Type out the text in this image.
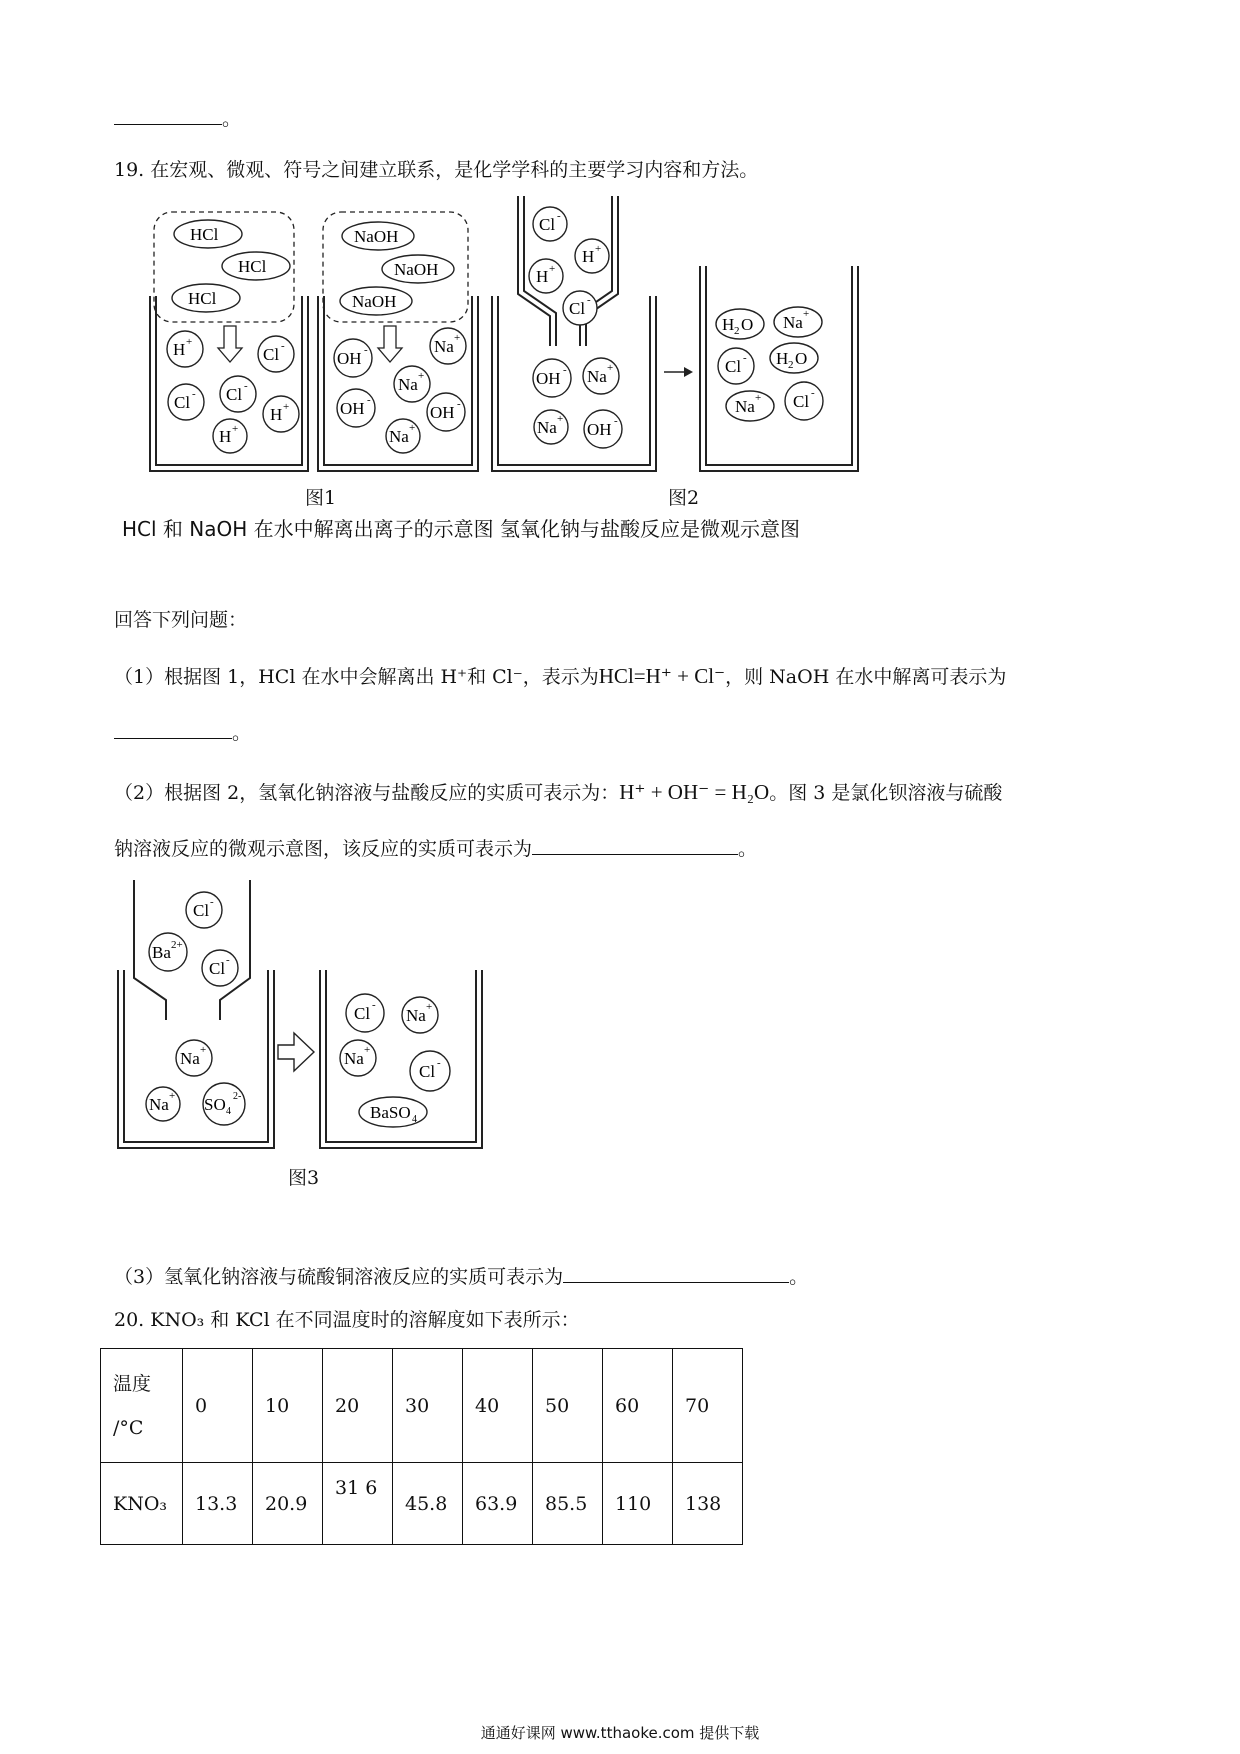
。
19. 在宏观、微观、符号之间建立联系，是化学学科的主要学习内容和方法。
HCl
HCl
HCl
H +
Cl -
Cl - Cl -
H +
H +
NaOH
NaOH
NaOH
OH -	Na +
Na +
OH -
OH -
Na +
Cl -
H +
H +
Cl -
OH - Na +
Na +
OH -
H 2 O Na +
Cl - H 2 O
Na + Cl -
图1	图2
HCl 和 NaOH 在水中解离出离子的示意图 氢氧化钠与盐酸反应是微观示意图
回答下列问题：
（1）根据图 1，HCl 在水中会解离出 H⁺和 Cl⁻，表示为HCl=H⁺ + Cl⁻，则 NaOH 在水中解离可表示为
。
（2）根据图 2，氢氧化钠溶液与盐酸反应的实质可表示为：H⁺ + OH⁻ = H₂O。图 3 是氯化钡溶液与硫酸
钠溶液反应的微观示意图，该反应的实质可表示为	。
Cl -
Ba 2+
Cl -
Na +
Na + SO 4
2-
Cl -
Na +
Na +
Cl -
BaSO 4
图3
（3）氢氧化钠溶液与硫酸铜溶液反应的实质可表示为	。
20. KNO₃ 和 KCl 在不同温度时的溶解度如下表所示：
温度
/°C	0	10	20	30	40	50	60	70
KNO₃	13.3	20.9	31 6	45.8	63.9	85.5	110	138
通通好课网 www.tthaoke.com 提供下载
